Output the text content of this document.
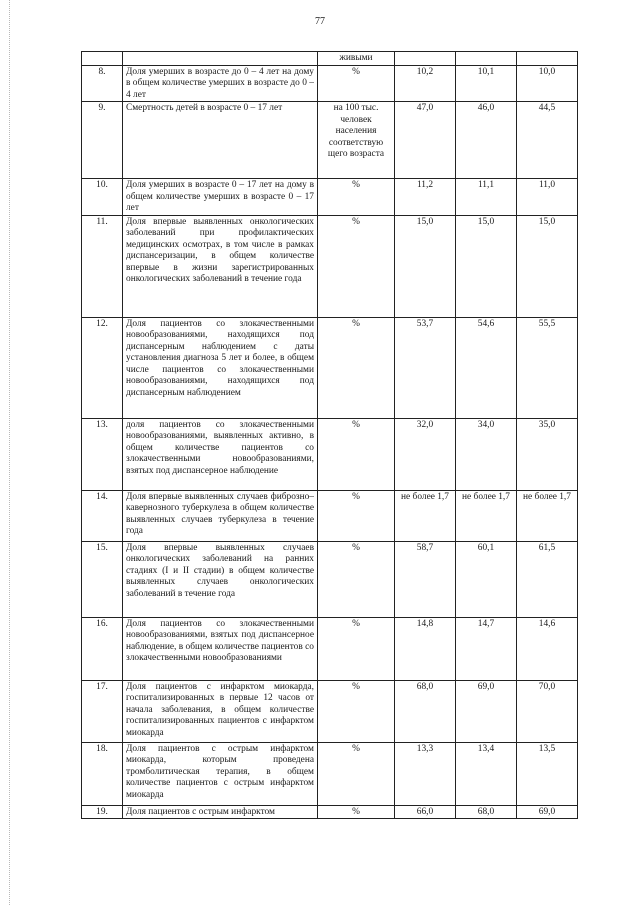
77
		живыми			
8.	Доля умерших в возрасте до 0 – 4 лет на дому в общем количестве умерших в возрасте до 0 – 4 лет	%	10,2	10,1	10,0
9.	Смертность детей в возрасте 0 – 17 лет	на 100 тыс. человек населения соответствую щего возраста	47,0	46,0	44,5
10.	Доля умерших в возрасте 0 – 17 лет на дому в общем количестве умерших в возрасте 0 – 17 лет	%	11,2	11,1	11,0
11.	Доля впервые выявленных онкологических заболеваний при профилактических медицинских осмотрах, в том числе в рамках диспансеризации, в общем количестве впервые в жизни зарегистрированных онкологических заболеваний в течение года	%	15,0	15,0	15,0
12.	Доля пациентов со злокачественными новообразованиями, находящихся под диспансерным наблюдением с даты установления диагноза 5 лет и более, в общем числе пациентов со злокачественными новообразованиями, находящихся под диспансерным наблюдением	%	53,7	54,6	55,5
13.	доля пациентов со злокачественными новообразованиями, выявленных активно, в общем количестве пациентов со злокачественными новообразованиями, взятых под диспансерное наблюдение	%	32,0	34,0	35,0
14.	Доля впервые выявленных случаев фиброзно–кавернозного туберкулеза в общем количестве выявленных случаев туберкулеза в течение года	%	не более 1,7	не более 1,7	не более 1,7
15.	Доля впервые выявленных случаев онкологических заболеваний на ранних стадиях (I и II стадии) в общем количестве выявленных случаев онкологических заболеваний в течение года	%	58,7	60,1	61,5
16.	Доля пациентов со злокачественными новообразованиями, взятых под диспансерное наблюдение, в общем количестве пациентов со злокачественными новообразованиями	%	14,8	14,7	14,6
17.	Доля пациентов с инфарктом миокарда, госпитализированных в первые 12 часов от начала заболевания, в общем количестве госпитализированных пациентов с инфарктом миокарда	%	68,0	69,0	70,0
18.	Доля пациентов с острым инфарктом миокарда, которым проведена тромболитическая терапия, в общем количестве пациентов с острым инфарктом миокарда	%	13,3	13,4	13,5
19.	Доля пациентов с острым инфарктом	%	66,0	68,0	69,0
